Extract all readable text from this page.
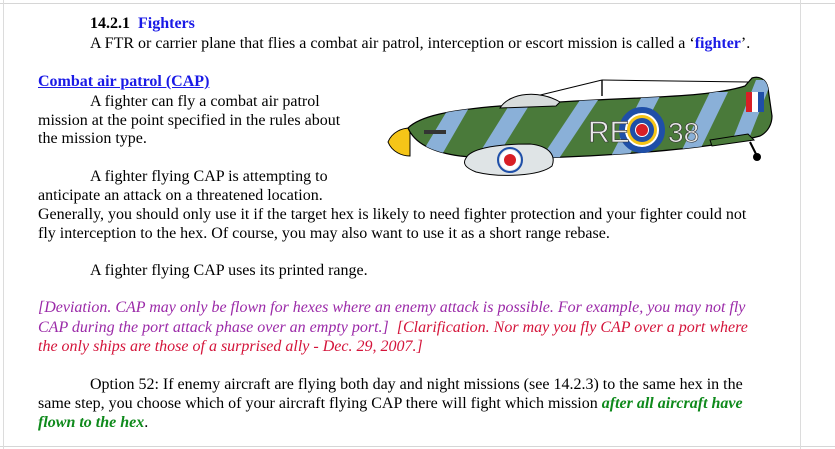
14.2.1 Fighters
A FTR or carrier plane that flies a combat air patrol, interception or escort mission is called a ‘fighter’.
Combat air patrol (CAP)
A fighter can fly a combat air patrol
mission at the point specified in the rules about
the mission type.
A fighter flying CAP is attempting to
anticipate an attack on a threatened location.
Generally, you should only use it if the target hex is likely to need fighter protection and your fighter could not
fly interception to the hex. Of course, you may also want to use it as a short range rebase.
A fighter flying CAP uses its printed range.
[Deviation. CAP may only be flown for hexes where an enemy attack is possible. For example, you may not fly
CAP during the port attack phase over an empty port.] [Clarification. Nor may you fly CAP over a port where
the only ships are those of a surprised ally - Dec. 29, 2007.]
Option 52: If enemy aircraft are flying both day and night missions (see 14.2.3) to the same hex in the
same step, you choose which of your aircraft flying CAP there will fight which mission after all aircraft have
flown to the hex.
RE 38
